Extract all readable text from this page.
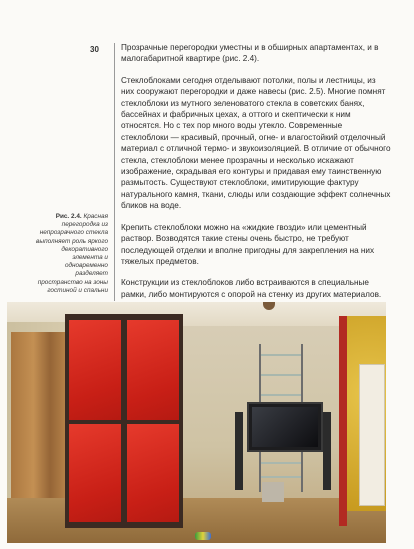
30	Прозрачные перегородки уместны и в обширных апартаментах, и в малогабаритной квартире (рис. 2.4).

Стеклоблоками сегодня отделывают потолки, полы и лестницы, из них сооружают перегородки и даже навесы (рис. 2.5). Многие помнят стеклоблоки из мутного зеленоватого стекла в советских банях, бассейнах и фабричных цехах, а оттого и скептически к ним относятся. Но с тех пор много воды утекло. Современные стеклоблоки — красивый, прочный, огне- и влагостойкий отделочный материал с отличной термо- и звукоизоляцией. В отличие от обычного стекла, стеклоблоки менее прозрачны и несколько искажают изображение, скрадывая его контуры и придавая ему таинственную размытость. Существуют стеклоблоки, имитирующие фактуру натурального камня, ткани, слюды или создающие эффект солнечных бликов на воде.

Крепить стеклоблоки можно на «жидкие гвозди» или цементный раствор. Возводятся такие стены очень быстро, не требуют последующей отделки и вполне пригодны для закрепления на них тяжелых предметов.

Конструкции из стеклоблоков либо встраиваются в специальные рамки, либо монтируются с опорой на стенку из других материалов.

Рис. 2.4. Красная перегородка из непрозрачного стекла выполняет роль яркого декоративного элемента и одновременно разделяет пространство на зоны гостиной и спальни
